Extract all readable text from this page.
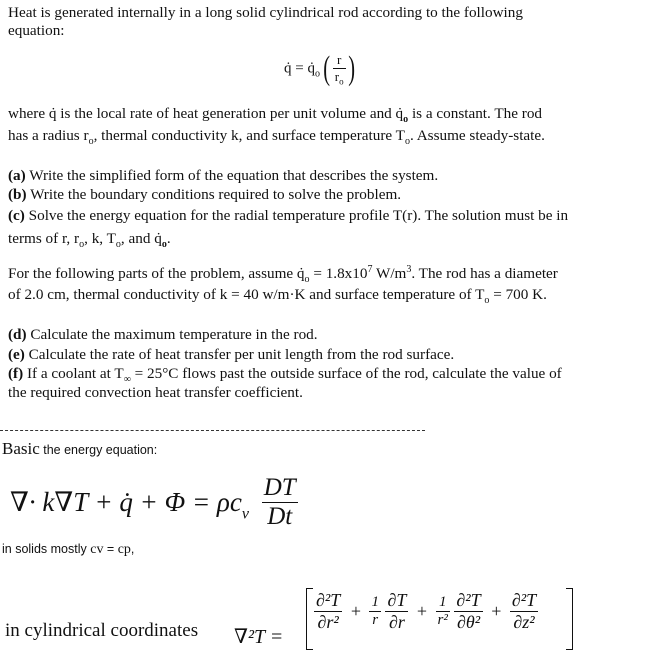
Heat is generated internally in a long solid cylindrical rod according to the following
equation:
q̇ = $q̇_o$ ( $\frac{r}{r_o}$ )
where q̇ is the local rate of heat generation per unit volume and $q̇_o$ is a constant. The rod
has a radius $r_o$, thermal conductivity k, and surface temperature $T_o$. Assume steady-state.
(a) Write the simplified form of the equation that describes the system.
(b) Write the boundary conditions required to solve the problem.
(c) Solve the energy equation for the radial temperature profile T(r). The solution must be in
terms of r, $r_o$, k, $T_o$, and $q̇_o$.
For the following parts of the problem, assume $q̇_o = 1.8x10^7$ $W/m^3$. The rod has a diameter
of 2.0 cm, thermal conductivity of k = 40 w/m·K and surface temperature of $T_o = 700$ K.
(d) Calculate the maximum temperature in the rod.
(e) Calculate the rate of heat transfer per unit length from the rod surface.
(f) If a coolant at $T_\infty = 25^\circ C$ flows past the outside surface of the rod, calculate the value of
the required convection heat transfer coefficient.
Basic the energy equation:
∇· k∇T + q̇ + $\Phi = \rho c_v \frac{DT}{Dt}$
in solids mostly cv = cp,
in cylindrical coordinates ∇²T =
$\frac{\text{∂²T}}{\text{∂r²}} + \frac{1}{r}$
$\frac{\partial T}{\partial r} + \frac{1}{\text{r²}}$
$\frac{\text{∂²T}}{\text{∂θ²}} + \frac{\text{∂²T}}{\text{∂z²}}$
